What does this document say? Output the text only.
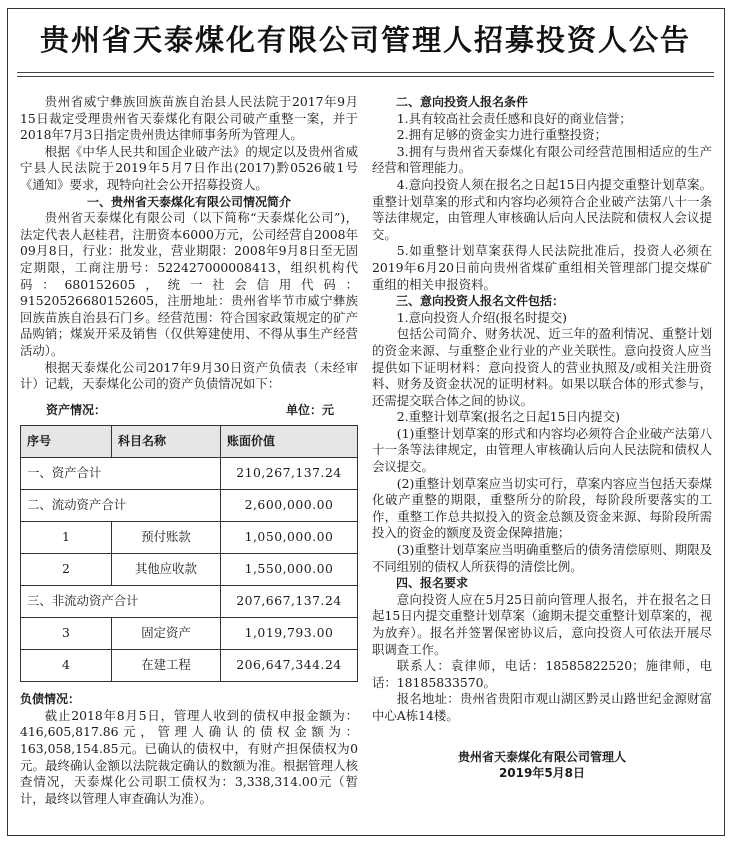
贵州省天泰煤化有限公司管理人招募投资人公告

贵州省威宁彝族回族苗族自治县人民法院于2017年9月15日裁定受理贵州省天泰煤化有限公司破产重整一案，并于2018年7月3日指定贵州贵达律师事务所为管理人。

根据《中华人民共和国企业破产法》的规定以及贵州省威宁县人民法院于2019年5月7日作出(2017)黔0526破1号《通知》要求，现特向社会公开招募投资人。

一、贵州省天泰煤化有限公司情况简介

贵州省天泰煤化有限公司（以下简称“天泰煤化公司”)，法定代表人赵桂君，注册资本6000万元，公司经营自2008年09月8日，行业：批发业，营业期限：2008年9月8日至无固定期限，工商注册号：522427000008413，组织机构代码：680152605，统一社会信用代码：91520526680152605，注册地址：贵州省毕节市威宁彝族回族苗族自治县石门乡。经营范围：符合国家政策规定的矿产品购销；煤炭开采及销售（仅供筹建使用、不得从事生产经营活动）。

根据天泰煤化公司2017年9月30日资产负债表（未经审计）记载，天泰煤化公司的资产负债情况如下：

资产情况：	单位：元
序号	科目名称	账面价值
一、资产合计		210,267,137.24
二、流动资产合计		2,600,000.00
1	预付账款	1,050,000.00
2	其他应收款	1,550,000.00
三、非流动资产合计		207,667,137.24
3	固定资产	1,019,793.00
4	在建工程	206,647,344.24

负债情况：

截止2018年8月5日，管理人收到的债权申报金额为：416,605,817.86元，管理人确认的债权金额为：163,058,154.85元。已确认的债权中，有财产担保债权为0元。最终确认金额以法院裁定确认的数额为准。根据管理人核查情况，天泰煤化公司职工债权为：3,338,314.00元（暂计，最终以管理人审查确认为准）。

二、意向投资人报名条件

1.具有较高社会责任感和良好的商业信誉；

2.拥有足够的资金实力进行重整投资；

3.拥有与贵州省天泰煤化有限公司经营范围相适应的生产经营和管理能力。

4.意向投资人须在报名之日起15日内提交重整计划草案。重整计划草案的形式和内容均必须符合企业破产法第八十一条等法律规定，由管理人审核确认后向人民法院和债权人会议提交。

5.如重整计划草案获得人民法院批准后，投资人必须在2019年6月20日前向贵州省煤矿重组相关管理部门提交煤矿重组的相关申报资料。

三、意向投资人报名文件包括：

1.意向投资人介绍(报名时提交)

包括公司简介、财务状况、近三年的盈利情况、重整计划的资金来源、与重整企业行业的产业关联性。意向投资人应当提供如下证明材料：意向投资人的营业执照及/或相关注册资料、财务及资金状况的证明材料。如果以联合体的形式参与，还需提交联合体之间的协议。

2.重整计划草案(报名之日起15日内提交)

(1)重整计划草案的形式和内容均必须符合企业破产法第八十一条等法律规定，由管理人审核确认后向人民法院和债权人会议提交。

(2)重整计划草案应当切实可行，草案内容应当包括天泰煤化破产重整的期限，重整所分的阶段，每阶段所要落实的工作，重整工作总共拟投入的资金总额及资金来源、每阶段所需投入的资金的额度及资金保障措施；

(3)重整计划草案应当明确重整后的债务清偿原则、期限及不同组别的债权人所获得的清偿比例。

四、报名要求

意向投资人应在5月25日前向管理人报名，并在报名之日起15日内提交重整计划草案（逾期未提交重整计划草案的，视为放弃）。报名并签署保密协议后，意向投资人可依法开展尽职调查工作。

联系人：袁律师，电话：18585822520；施律师，电话：18185833570。

报名地址：贵州省贵阳市观山湖区黔灵山路世纪金源财富中心A栋14楼。

贵州省天泰煤化有限公司管理人

2019年5月8日
